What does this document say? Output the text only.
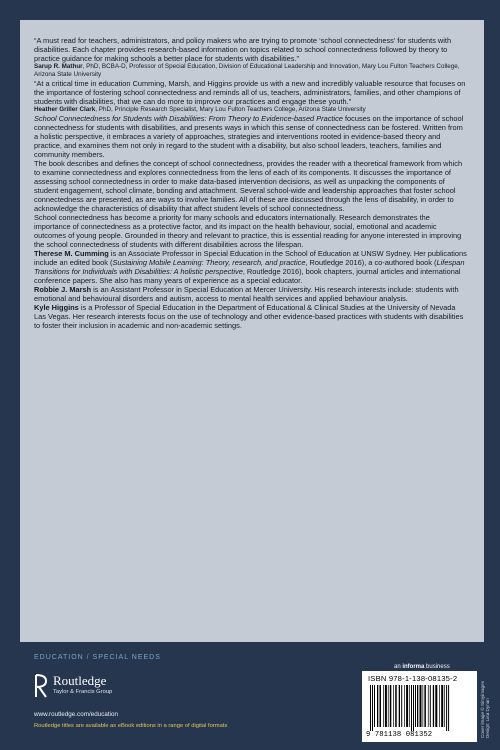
“A must read for teachers, administrators, and policy makers who are trying to promote ‘school connectedness’ for students with disabilities. Each chapter provides research-based information on topics related to school connectedness followed by theory to practice guidance for making schools a better place for students with disabilities.”

Sarup R. Mathur, PhD, BCBA-D, Professor of Special Education, Division of Educational Leadership and Innovation, Mary Lou Fulton Teachers College, Arizona State University

“At a critical time in education Cumming, Marsh, and Higgins provide us with a new and incredibly valuable resource that focuses on the importance of fostering school connectedness and reminds all of us, teachers, administrators, families, and other champions of students with disabilities, that we can do more to improve our practices and engage these youth.”

Heather Griller Clark, PhD, Principle Research Specialist, Mary Lou Fulton Teachers College, Arizona State University

School Connectedness for Students with Disabilities: From Theory to Evidence-based Practice focuses on the importance of school connectedness for students with disabilities, and presents ways in which this sense of connectedness can be fostered. Written from a holistic perspective, it embraces a variety of approaches, strategies and interventions rooted in evidence-based theory and practice, and examines them not only in regard to the student with a disability, but also school leaders, teachers, families and community members.

The book describes and defines the concept of school connectedness, provides the reader with a theoretical framework from which to examine connectedness and explores connectedness from the lens of each of its components. It discusses the importance of assessing school connectedness in order to make data-based intervention decisions, as well as unpacking the components of student engagement, school climate, bonding and attachment. Several school-wide and leadership approaches that foster school connectedness are presented, as are ways to involve families. All of these are discussed through the lens of disability, in order to acknowledge the characteristics of disability that affect student levels of school connectedness.

School connectedness has become a priority for many schools and educators internationally. Research demonstrates the importance of connectedness as a protective factor, and its impact on the health behaviour, social, emotional and academic outcomes of young people. Grounded in theory and relevant to practice, this is essential reading for anyone interested in improving the school connectedness of students with different disabilities across the lifespan.

Therese M. Cumming is an Associate Professor in Special Education in the School of Education at UNSW Sydney. Her publications include an edited book (Sustaining Mobile Learning: Theory, research, and practice, Routledge 2016), a co-authored book (Lifespan Transitions for Individuals with Disabilities: A holistic perspective, Routledge 2016), book chapters, journal articles and international conference papers. She also has many years of experience as a special educator.

Robbie J. Marsh is an Assistant Professor in Special Education at Mercer University. His research interests include: students with emotional and behavioural disorders and autism, access to mental health services and applied behaviour analysis.

Kyle Higgins is a Professor of Special Education in the Department of Educational & Clinical Studies at the University of Nevada Las Vegas. Her research interests focus on the use of technology and other evidence-based practices with students with disabilities to foster their inclusion in academic and non-academic settings.

EDUCATION / SPECIAL NEEDS
an informa business
Routledge
Taylor & Francis Group
www.routledge.com/education
Routledge titles are available as eBook editions in a range of digital formats
ISBN 978-1-138-08135-2
9 781138 081352	Cover image © Simyimages Design: Lisa Dynan
